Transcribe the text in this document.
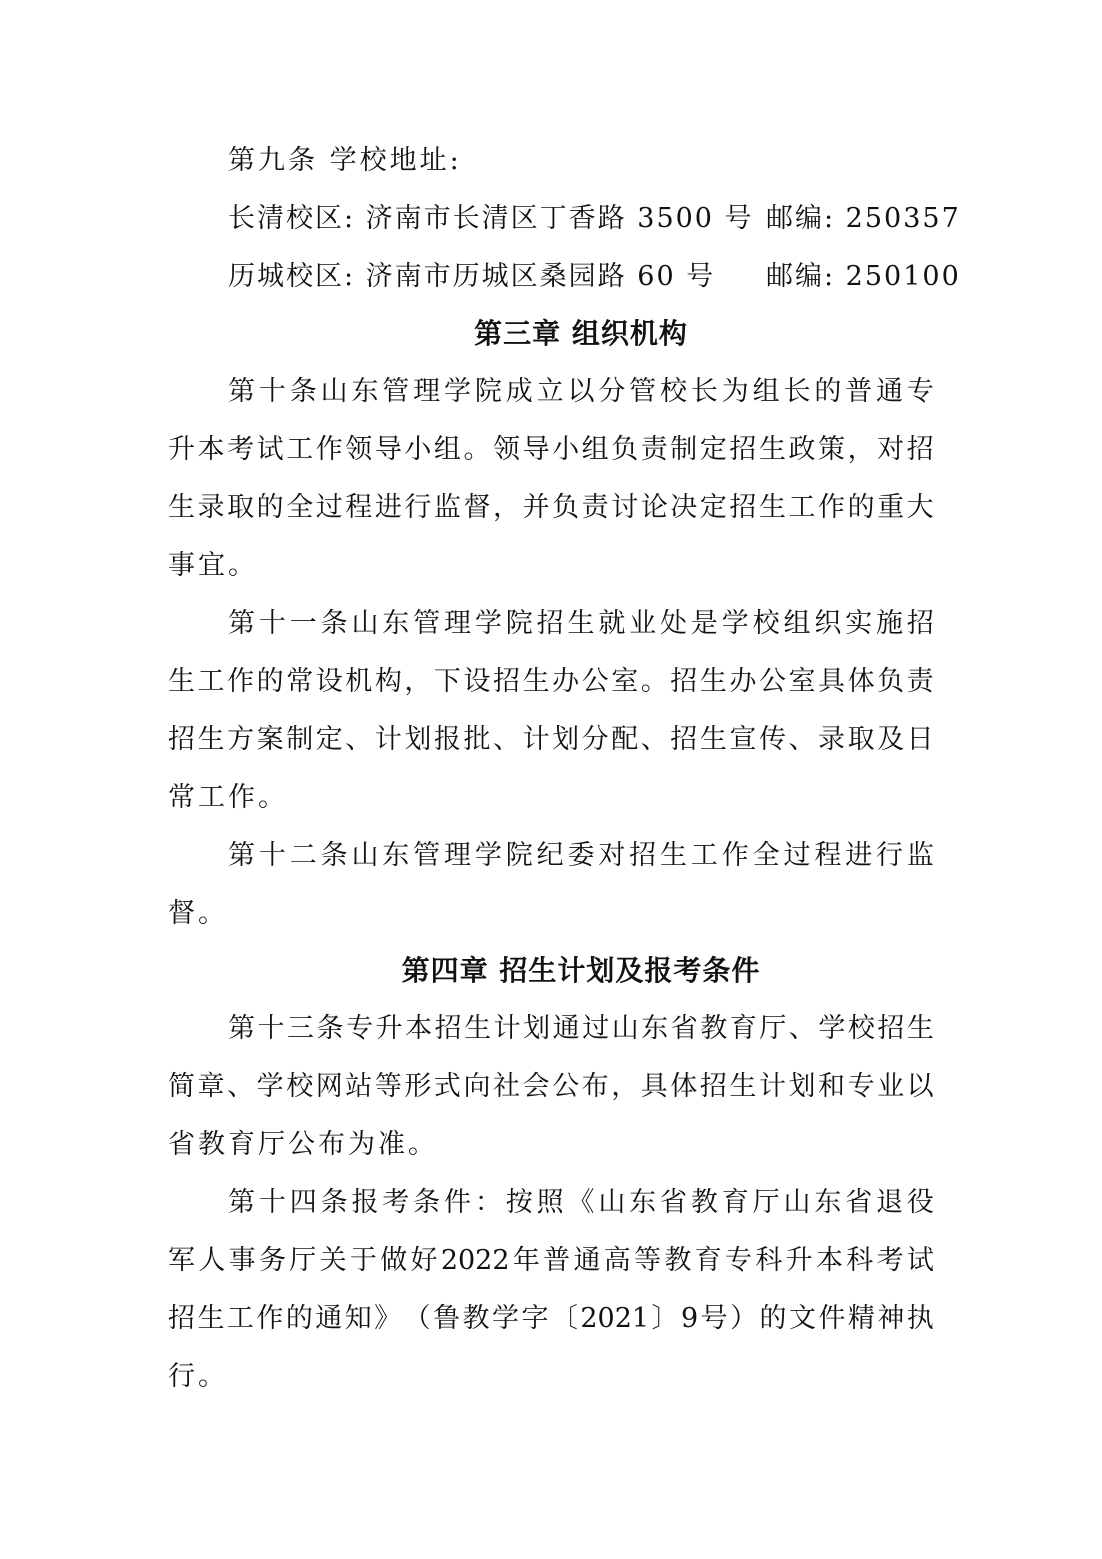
第九条 学校地址:
长清校区: 济南市长清区丁香路 3500 号 邮编: 250357
历城校区: 济南市历城区桑园路 60 号 邮编: 250100
第三章 组织机构
第 十 条 山 东 管 理 学 院 成 立 以 分 管 校 长 为 组 长 的 普 通 专
升 本 考 试 工 作 领 导 小 组 。 领 导 小 组 负 责 制 定 招 生 政 策 ， 对 招
生 录 取 的 全 过 程 进 行 监 督 ， 并 负 责 讨 论 决 定 招 生 工 作 的 重 大
事宜。
第 十 一 条 山 东 管 理 学 院 招 生 就 业 处 是 学 校 组 织 实 施 招
生 工 作 的 常 设 机 构 ， 下 设 招 生 办 公 室 。 招 生 办 公 室 具 体 负 责
招 生 方 案 制 定 、 计 划 报 批 、 计 划 分 配 、 招 生 宣 传 、 录 取 及 日
常工作。
第 十 二 条 山 东 管 理 学 院 纪 委 对 招 生 工 作 全 过 程 进 行 监
督。
第四章 招生计划及报考条件
第 十 三 条 专 升 本 招 生 计 划 通 过 山 东 省 教 育 厅 、 学 校 招 生
简 章 、 学 校 网 站 等 形 式 向 社 会 公 布 ， 具 体 招 生 计 划 和 专 业 以
省教育厅公布为准。
第 十 四 条 报 考 条 件 ： 按 照 《 山 东 省 教 育 厅 山 东 省 退 役
军 人 事 务 厅 关 于 做 好 2022 年 普 通 高 等 教 育 专 科 升 本 科 考 试
招 生 工 作 的 通 知 》 （ 鲁 教 学 字 〔 2021 〕 9 号 ） 的 文 件 精 神 执
行。
